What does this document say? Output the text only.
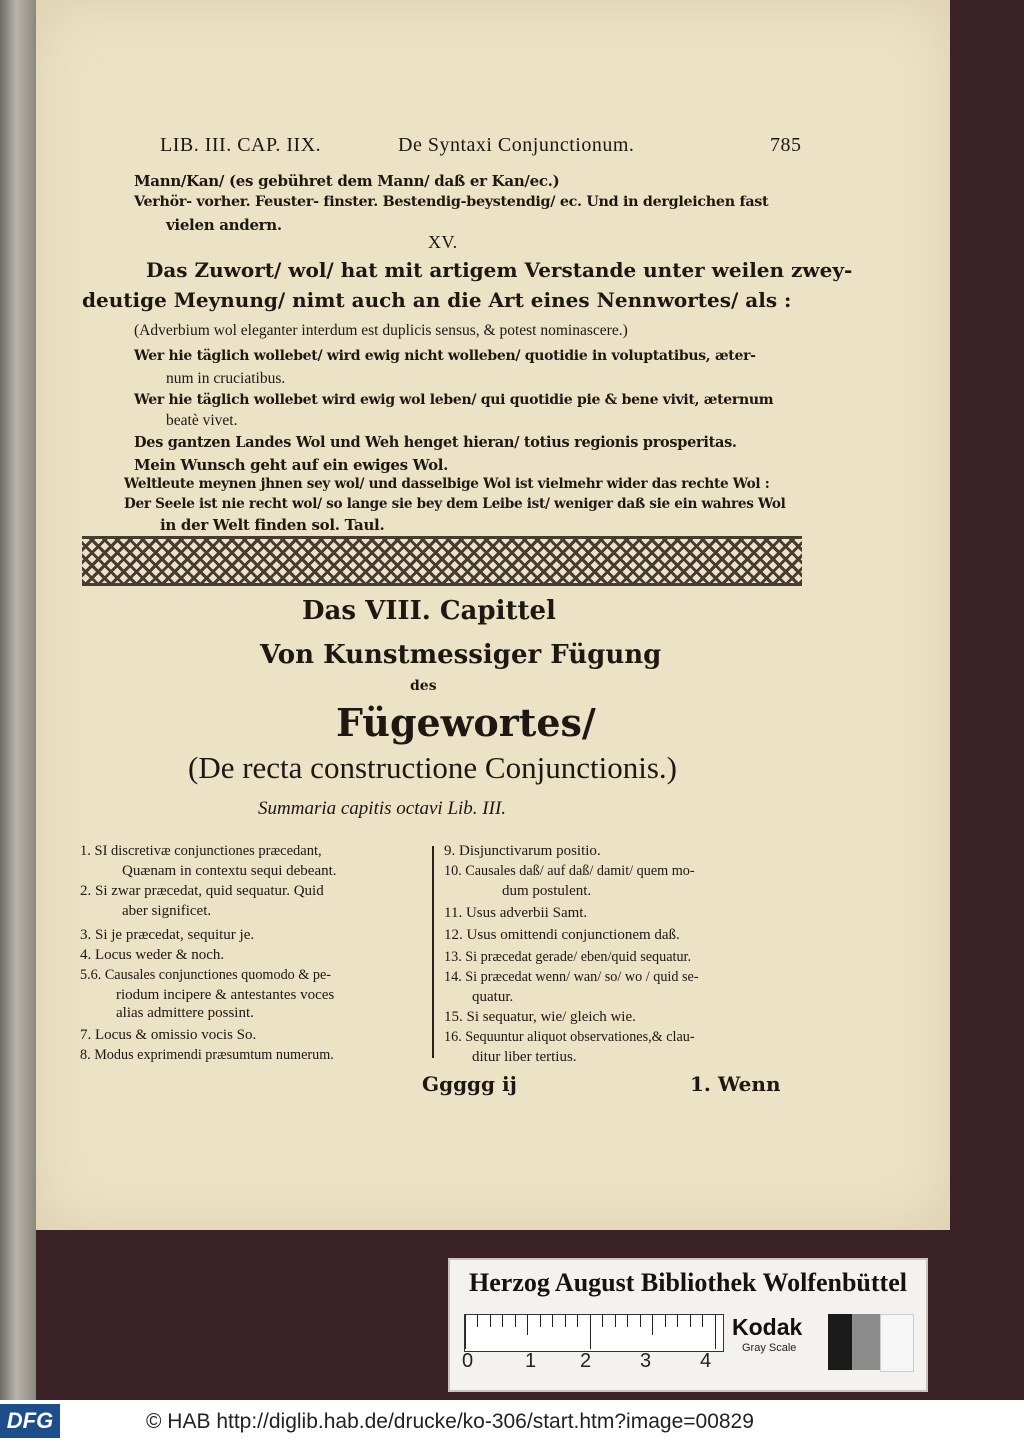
LIB. III. CAP. IIX.	De Syntaxi Conjunctionum.	785
Mann/Kan/ (es gebühret dem Mann/ daß er Kan/ec.)
Verhör- vorher. Feuster- finster. Bestendig-beystendig/ ec. Und in dergleichen fast
vielen andern.
XV.
Das Zuwort/ wol/ hat mit artigem Verstande unter weilen zwey-
deutige Meynung/ nimt auch an die Art eines Nennwortes/ als :
(Adverbium wol eleganter interdum est duplicis sensus, & potest nominascere.)
Wer hie täglich wollebet/ wird ewig nicht wolleben/ quotidie in voluptatibus, æter-
num in cruciatibus.
Wer hie täglich wollebet wird ewig wol leben/ qui quotidie pie & bene vivit, æternum
beatè vivet.
Des gantzen Landes Wol und Weh henget hieran/ totius regionis prosperitas.
Mein Wunsch geht auf ein ewiges Wol.
Weltleute meynen jhnen sey wol/ und dasselbige Wol ist vielmehr wider das rechte Wol :
Der Seele ist nie recht wol/ so lange sie bey dem Leibe ist/ weniger daß sie ein wahres Wol
in der Welt finden sol. Taul.
Das VIII. Capittel
Von Kunstmessiger Fügung
des
Fügewortes/
(De recta constructione Conjunctionis.)
Summaria capitis octavi Lib. III.
1. SI discretivæ conjunctiones præcedant,
Quænam in contextu sequi debeant.
2. Si zwar præcedat, quid sequatur. Quid
aber significet.
3. Si je præcedat, sequitur je.
4. Locus weder & noch.
5.6. Causales conjunctiones quomodo & pe-
riodum incipere & antestantes voces
alias admittere possint.
7. Locus & omissio vocis So.
8. Modus exprimendi præsumtum numerum.
9. Disjunctivarum positio.
10. Causales daß/ auf daß/ damit/ quem mo-
dum postulent.
11. Usus adverbii Samt.
12. Usus omittendi conjunctionem daß.
13. Si præcedat gerade/ eben/quid sequatur.
14. Si præcedat wenn/ wan/ so/ wo / quid se-
quatur.
15. Si sequatur, wie/ gleich wie.
16. Sequuntur aliquot observationes,& clau-
ditur liber tertius.
Ggggg ij	1. Wenn
Herzog August Bibliothek Wolfenbüttel
0	1 2 3 4
Kodak
Gray Scale
DFG	© HAB http://diglib.hab.de/drucke/ko-306/start.htm?image=00829
